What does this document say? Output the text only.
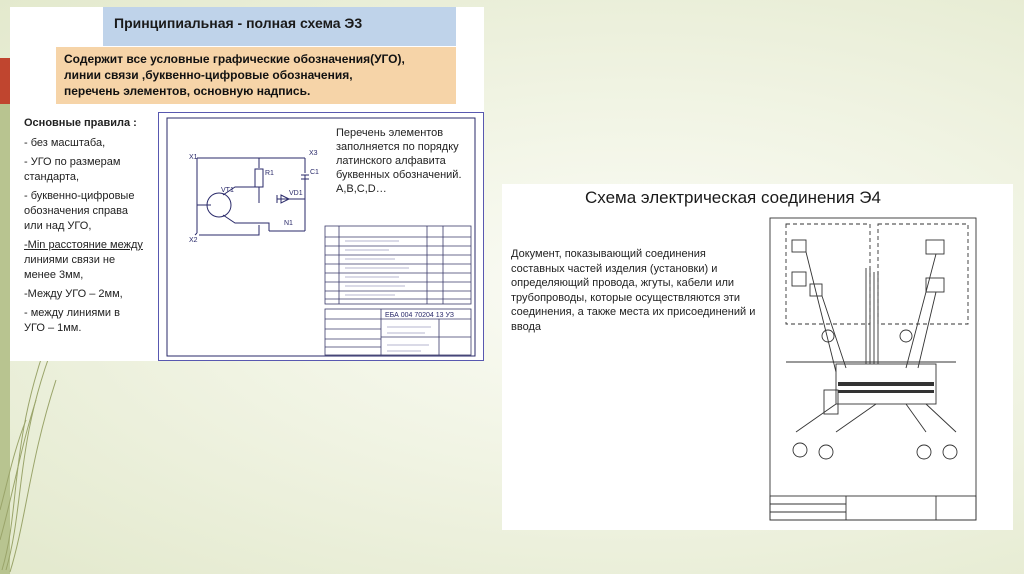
Принципиальная - полная схема Э3
Содержит все условные графические обозначения(УГО),
линии связи ,буквенно-цифровые обозначения,
перечень элементов, основную надпись.
Основные правила :
- без масштаба,
- УГО по размерам
стандарта,
- буквенно-цифровые
обозначения справа
или над УГО,
-Min расстояние между
линиями связи не
менее 3мм,
-Между УГО – 2мм,
- между линиями в
УГО – 1мм.
X1
X2
X3
C1
R1
VT1	VD1
N1
ЕБА 004 70204 13 УЗ
Перечень элементов заполняется по порядку латинского алфавита буквенных обозначений. A,B,C,D…	Схема электрическая соединения Э4
Документ, показывающий соединения составных частей изделия (установки) и определяющий провода, жгуты, кабели или трубопроводы, которые осуществляются эти соединения, а также места их присоединений и ввода
